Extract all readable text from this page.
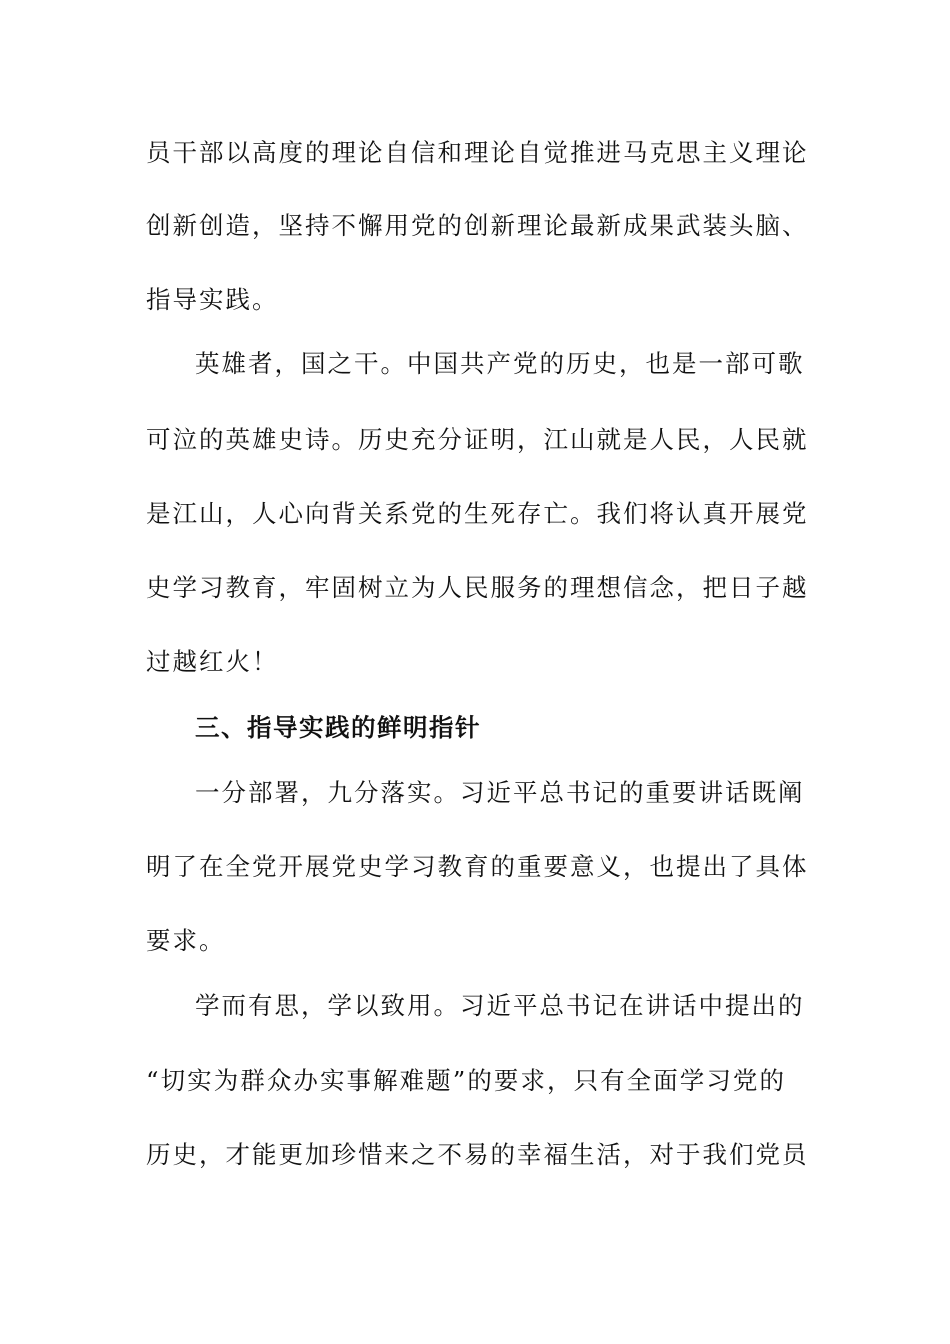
员干部以高度的理论自信和理论自觉推进马克思主义理论
创新创造，坚持不懈用党的创新理论最新成果武装头脑、
指导实践。
英雄者，国之干。中国共产党的历史，也是一部可歌
可泣的英雄史诗。历史充分证明，江山就是人民，人民就
是江山，人心向背关系党的生死存亡。我们将认真开展党
史学习教育，牢固树立为人民服务的理想信念，把日子越
过越红火！
三、指导实践的鲜明指针
一分部署，九分落实。习近平总书记的重要讲话既阐
明了在全党开展党史学习教育的重要意义，也提出了具体
要求。
学而有思，学以致用。习近平总书记在讲话中提出的
“切实为群众办实事解难题”的要求，只有全面学习党的
历史，才能更加珍惜来之不易的幸福生活，对于我们党员
